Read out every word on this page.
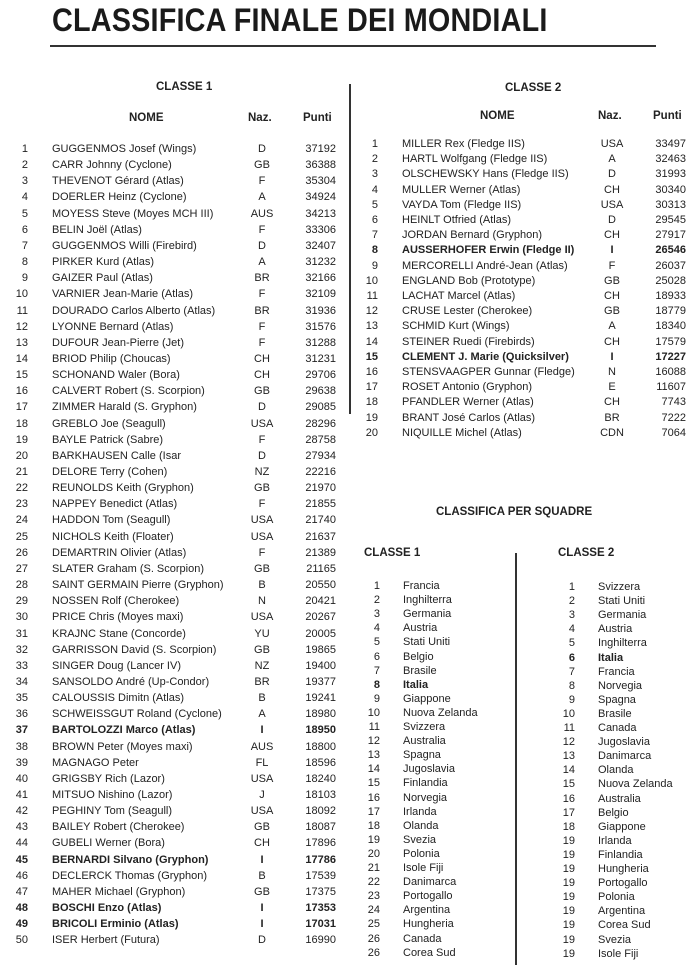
CLASSIFICA FINALE DEI MONDIALI
CLASSE 1
NOME	Naz.	Punti
CLASSE 2
NOME	Naz.	Punti
CLASSIFICA PER SQUADRE
CLASSE 1	CLASSE 2
1 GUGGENMOS Josef (Wings)	D	37192
2 CARR Johnny (Cyclone)	GB	36388
3 THEVENOT Gérard (Atlas)	F	35304
4 DOERLER Heinz (Cyclone)	A	34924
5 MOYESS Steve (Moyes MCH III)	AUS	34213
6 BELIN Joël (Atlas)	F	33306
7 GUGGENMOS Willi (Firebird)	D	32407
8 PIRKER Kurd (Atlas)	A	31232
9 GAIZER Paul (Atlas)	BR	32166
10 VARNIER Jean-Marie (Atlas)	F	32109
11 DOURADO Carlos Alberto (Atlas)	BR	31936
12 LYONNE Bernard (Atlas)	F	31576
13 DUFOUR Jean-Pierre (Jet)	F	31288
14 BRIOD Philip (Choucas)	CH	31231
15 SCHONAND Waler (Bora)	CH	29706
16 CALVERT Robert (S. Scorpion)	GB	29638
17 ZIMMER Harald (S. Gryphon)	D	29085
18 GREBLO Joe (Seagull)	USA	28296
19 BAYLE Patrick (Sabre)	F	28758
20 BARKHAUSEN Calle (Isar	D	27934
21 DELORE Terry (Cohen)	NZ	22216
22 REUNOLDS Keith (Gryphon)	GB	21970
23 NAPPEY Benedict (Atlas)	F	21855
24 HADDON Tom (Seagull)	USA	21740
25 NICHOLS Keith (Floater)	USA	21637
26 DEMARTRIN Olivier (Atlas)	F	21389
27 SLATER Graham (S. Scorpion)	GB	21165
28 SAINT GERMAIN Pierre (Gryphon)	B	20550
29 NOSSEN Rolf (Cherokee)	N	20421
30 PRICE Chris (Moyes maxi)	USA	20267
31 KRAJNC Stane (Concorde)	YU	20005
32 GARRISSON David (S. Scorpion)	GB	19865
33 SINGER Doug (Lancer IV)	NZ	19400
34 SANSOLDO André (Up-Condor)	BR	19377
35 CALOUSSIS Dimitn (Atlas)	B	19241
36 SCHWEISSGUT Roland (Cyclone)	A	18980
37 BARTOLOZZI Marco (Atlas)	I	18950
38 BROWN Peter (Moyes maxi)	AUS	18800
39 MAGNAGO Peter	FL	18596
40 GRIGSBY Rich (Lazor)	USA	18240
41 MITSUO Nishino (Lazor)	J	18103
42 PEGHINY Tom (Seagull)	USA	18092
43 BAILEY Robert (Cherokee)	GB	18087
44 GUBELI Werner (Bora)	CH	17896
45 BERNARDI Silvano (Gryphon)	I	17786
46 DECLERCK Thomas (Gryphon)	B	17539
47 MAHER Michael (Gryphon)	GB	17375
48 BOSCHI Enzo (Atlas)	I	17353
49 BRICOLI Erminio (Atlas)	I	17031
50 ISER Herbert (Futura)	D	16990
1 MILLER Rex (Fledge IIS)	USA	33497
2 HARTL Wolfgang (Fledge IIS)	A	32463
3 OLSCHEWSKY Hans (Fledge IIS)	D	31993
4 MULLER Werner (Atlas)	CH	30340
5 VAYDA Tom (Fledge IIS)	USA	30313
6 HEINLT Otfried (Atlas)	D	29545
7 JORDAN Bernard (Gryphon)	CH	27917
8 AUSSERHOFER Erwin (Fledge II)	I	26546
9 MERCORELLI André-Jean (Atlas)	F	26037
10 ENGLAND Bob (Prototype)	GB	25028
11 LACHAT Marcel (Atlas)	CH	18933
12 CRUSE Lester (Cherokee)	GB	18779
13 SCHMID Kurt (Wings)	A	18340
14 STEINER Ruedi (Firebirds)	CH	17579
15 CLEMENT J. Marie (Quicksilver)	I	17227
16 STENSVAAGPER Gunnar (Fledge)	N	16088
17 ROSET Antonio (Gryphon)	E	11607
18 PFANDLER Werner (Atlas)	CH	7743
19 BRANT José Carlos (Atlas)	BR	7222
20 NIQUILLE Michel (Atlas)	CDN	7064
1 Francia
2 Inghilterra
3 Germania
4 Austria
5 Stati Uniti
6 Belgio
7 Brasile
8 Italia
9 Giappone
10 Nuova Zelanda
11 Svizzera
12 Australia
13 Spagna
14 Jugoslavia
15 Finlandia
16 Norvegia
17 Irlanda
18 Olanda
19 Svezia
20 Polonia
21 Isole Fiji
22 Danimarca
23 Portogallo
24 Argentina
25 Hungheria
26 Canada
26 Corea Sud
1 Svizzera
2 Stati Uniti
3 Germania
4 Austria
5 Inghilterra
6 Italia
7 Francia
8 Norvegia
9 Spagna
10 Brasile
11 Canada
12 Jugoslavia
13 Danimarca
14 Olanda
15 Nuova Zelanda
16 Australia
17 Belgio
18 Giappone
19 Irlanda
19 Finlandia
19 Hungheria
19 Portogallo
19 Polonia
19 Argentina
19 Corea Sud
19 Svezia
19 Isole Fiji
